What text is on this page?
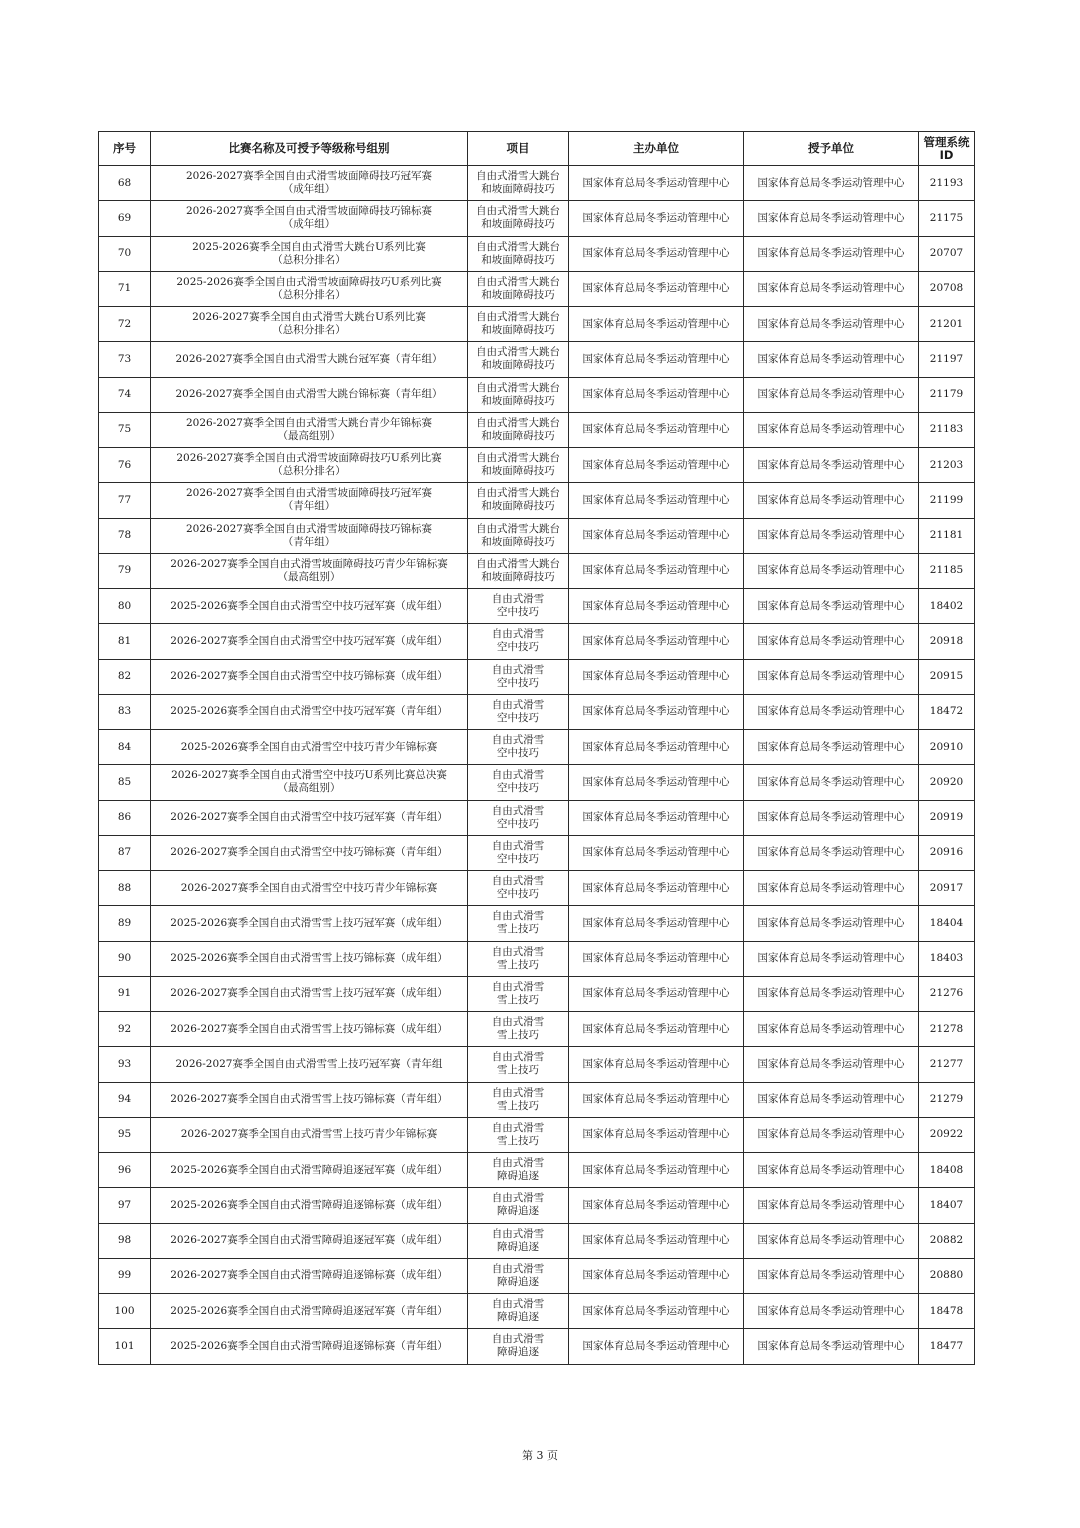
序号	比赛名称及可授予等级称号组别	项目	主办单位	授予单位	管理系统
ID
68	2026-2027赛季全国自由式滑雪坡面障碍技巧冠军赛
（成年组）	自由式滑雪大跳台
和坡面障碍技巧	国家体育总局冬季运动管理中心	国家体育总局冬季运动管理中心	21193
69	2026-2027赛季全国自由式滑雪坡面障碍技巧锦标赛
（成年组）	自由式滑雪大跳台
和坡面障碍技巧	国家体育总局冬季运动管理中心	国家体育总局冬季运动管理中心	21175
70	2025-2026赛季全国自由式滑雪大跳台U系列比赛
（总积分排名）	自由式滑雪大跳台
和坡面障碍技巧	国家体育总局冬季运动管理中心	国家体育总局冬季运动管理中心	20707
71	2025-2026赛季全国自由式滑雪坡面障碍技巧U系列比赛
（总积分排名）	自由式滑雪大跳台
和坡面障碍技巧	国家体育总局冬季运动管理中心	国家体育总局冬季运动管理中心	20708
72	2026-2027赛季全国自由式滑雪大跳台U系列比赛
（总积分排名）	自由式滑雪大跳台
和坡面障碍技巧	国家体育总局冬季运动管理中心	国家体育总局冬季运动管理中心	21201
73	2026-2027赛季全国自由式滑雪大跳台冠军赛（青年组）	自由式滑雪大跳台
和坡面障碍技巧	国家体育总局冬季运动管理中心	国家体育总局冬季运动管理中心	21197
74	2026-2027赛季全国自由式滑雪大跳台锦标赛（青年组）	自由式滑雪大跳台
和坡面障碍技巧	国家体育总局冬季运动管理中心	国家体育总局冬季运动管理中心	21179
75	2026-2027赛季全国自由式滑雪大跳台青少年锦标赛
（最高组别）	自由式滑雪大跳台
和坡面障碍技巧	国家体育总局冬季运动管理中心	国家体育总局冬季运动管理中心	21183
76	2026-2027赛季全国自由式滑雪坡面障碍技巧U系列比赛
（总积分排名）	自由式滑雪大跳台
和坡面障碍技巧	国家体育总局冬季运动管理中心	国家体育总局冬季运动管理中心	21203
77	2026-2027赛季全国自由式滑雪坡面障碍技巧冠军赛
（青年组）	自由式滑雪大跳台
和坡面障碍技巧	国家体育总局冬季运动管理中心	国家体育总局冬季运动管理中心	21199
78	2026-2027赛季全国自由式滑雪坡面障碍技巧锦标赛
（青年组）	自由式滑雪大跳台
和坡面障碍技巧	国家体育总局冬季运动管理中心	国家体育总局冬季运动管理中心	21181
79	2026-2027赛季全国自由式滑雪坡面障碍技巧青少年锦标赛
（最高组别）	自由式滑雪大跳台
和坡面障碍技巧	国家体育总局冬季运动管理中心	国家体育总局冬季运动管理中心	21185
80	2025-2026赛季全国自由式滑雪空中技巧冠军赛（成年组）	自由式滑雪
空中技巧	国家体育总局冬季运动管理中心	国家体育总局冬季运动管理中心	18402
81	2026-2027赛季全国自由式滑雪空中技巧冠军赛（成年组）	自由式滑雪
空中技巧	国家体育总局冬季运动管理中心	国家体育总局冬季运动管理中心	20918
82	2026-2027赛季全国自由式滑雪空中技巧锦标赛（成年组）	自由式滑雪
空中技巧	国家体育总局冬季运动管理中心	国家体育总局冬季运动管理中心	20915
83	2025-2026赛季全国自由式滑雪空中技巧冠军赛（青年组）	自由式滑雪
空中技巧	国家体育总局冬季运动管理中心	国家体育总局冬季运动管理中心	18472
84	2025-2026赛季全国自由式滑雪空中技巧青少年锦标赛	自由式滑雪
空中技巧	国家体育总局冬季运动管理中心	国家体育总局冬季运动管理中心	20910
85	2026-2027赛季全国自由式滑雪空中技巧U系列比赛总决赛
（最高组别）	自由式滑雪
空中技巧	国家体育总局冬季运动管理中心	国家体育总局冬季运动管理中心	20920
86	2026-2027赛季全国自由式滑雪空中技巧冠军赛（青年组）	自由式滑雪
空中技巧	国家体育总局冬季运动管理中心	国家体育总局冬季运动管理中心	20919
87	2026-2027赛季全国自由式滑雪空中技巧锦标赛（青年组）	自由式滑雪
空中技巧	国家体育总局冬季运动管理中心	国家体育总局冬季运动管理中心	20916
88	2026-2027赛季全国自由式滑雪空中技巧青少年锦标赛	自由式滑雪
空中技巧	国家体育总局冬季运动管理中心	国家体育总局冬季运动管理中心	20917
89	2025-2026赛季全国自由式滑雪雪上技巧冠军赛（成年组）	自由式滑雪
雪上技巧	国家体育总局冬季运动管理中心	国家体育总局冬季运动管理中心	18404
90	2025-2026赛季全国自由式滑雪雪上技巧锦标赛（成年组）	自由式滑雪
雪上技巧	国家体育总局冬季运动管理中心	国家体育总局冬季运动管理中心	18403
91	2026-2027赛季全国自由式滑雪雪上技巧冠军赛（成年组）	自由式滑雪
雪上技巧	国家体育总局冬季运动管理中心	国家体育总局冬季运动管理中心	21276
92	2026-2027赛季全国自由式滑雪雪上技巧锦标赛（成年组）	自由式滑雪
雪上技巧	国家体育总局冬季运动管理中心	国家体育总局冬季运动管理中心	21278
93	2026-2027赛季全国自由式滑雪雪上技巧冠军赛（青年组	自由式滑雪
雪上技巧	国家体育总局冬季运动管理中心	国家体育总局冬季运动管理中心	21277
94	2026-2027赛季全国自由式滑雪雪上技巧锦标赛（青年组）	自由式滑雪
雪上技巧	国家体育总局冬季运动管理中心	国家体育总局冬季运动管理中心	21279
95	2026-2027赛季全国自由式滑雪雪上技巧青少年锦标赛	自由式滑雪
雪上技巧	国家体育总局冬季运动管理中心	国家体育总局冬季运动管理中心	20922
96	2025-2026赛季全国自由式滑雪障碍追逐冠军赛（成年组）	自由式滑雪
障碍追逐	国家体育总局冬季运动管理中心	国家体育总局冬季运动管理中心	18408
97	2025-2026赛季全国自由式滑雪障碍追逐锦标赛（成年组）	自由式滑雪
障碍追逐	国家体育总局冬季运动管理中心	国家体育总局冬季运动管理中心	18407
98	2026-2027赛季全国自由式滑雪障碍追逐冠军赛（成年组）	自由式滑雪
障碍追逐	国家体育总局冬季运动管理中心	国家体育总局冬季运动管理中心	20882
99	2026-2027赛季全国自由式滑雪障碍追逐锦标赛（成年组）	自由式滑雪
障碍追逐	国家体育总局冬季运动管理中心	国家体育总局冬季运动管理中心	20880
100	2025-2026赛季全国自由式滑雪障碍追逐冠军赛（青年组）	自由式滑雪
障碍追逐	国家体育总局冬季运动管理中心	国家体育总局冬季运动管理中心	18478
101	2025-2026赛季全国自由式滑雪障碍追逐锦标赛（青年组）	自由式滑雪
障碍追逐	国家体育总局冬季运动管理中心	国家体育总局冬季运动管理中心	18477
第 3 页
